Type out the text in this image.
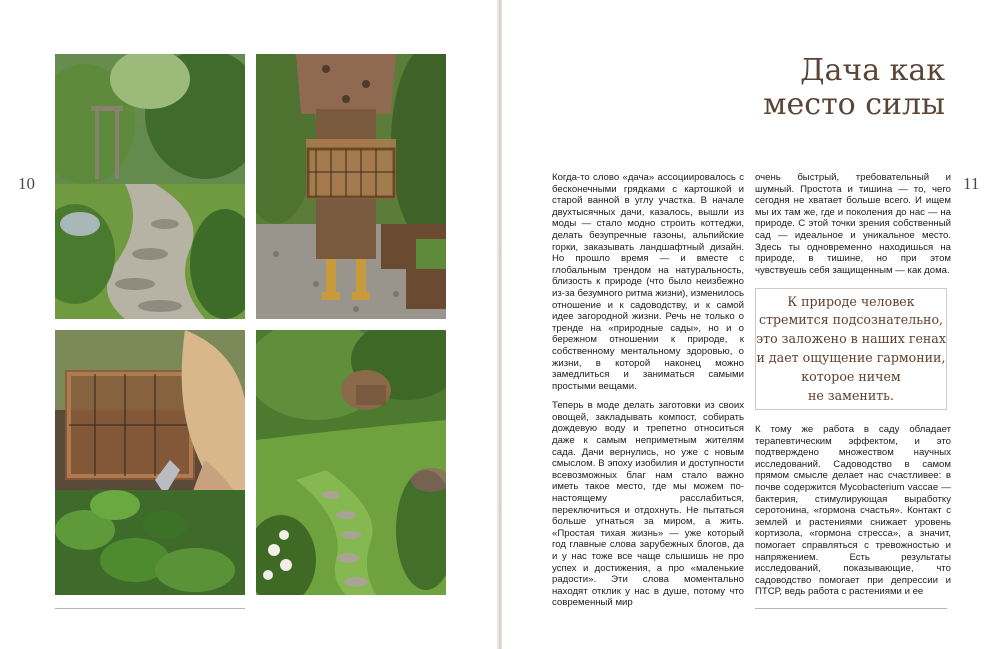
10	11
Дача как
место силы

Когда-то слово «дача» ассоциировалось с бесконечными грядками с картошкой и старой ванной в углу участка. В начале двухтысячных дачи, казалось, вышли из моды — стало модно строить коттеджи, делать безупречные газоны, альпийские горки, заказывать ландшафтный дизайн. Но прошло время — и вместе с глобальным трендом на натуральность, близость к природе (что было неизбежно из-за безумного ритма жизни), изменилось отношение и к садоводству, и к самой идее загородной жизни. Речь не только о тренде на «природные сады», но и о бережном отношении к природе, к собственному ментальному здоровью, о жизни, в которой наконец можно замедлиться и заниматься самыми простыми вещами.

Теперь в моде делать заготовки из своих овощей, закладывать компост, собирать дождевую воду и трепетно относиться даже к самым неприметным жителям сада. Дачи вернулись, но уже с новым смыслом. В эпоху изобилия и доступности всевозможных благ нам стало важно иметь такое место, где мы можем по-настоящему расслабиться, переключиться и отдохнуть. Не пытаться больше угнаться за миром, а жить. «Простая тихая жизнь» — уже который год главные слова зарубежных блогов, да и у нас тоже все чаще слышишь не про успех и достижения, а про «маленькие радости». Эти слова моментально находят отклик у нас в душе, потому что современный мир

очень быстрый, требовательный и шумный. Простота и тишина — то, чего сегодня не хватает больше всего. И ищем мы их там же, где и поколения до нас — на природе. С этой точки зрения собственный сад — идеальное и уникальное место. Здесь ты одновременно находишься на природе, в тишине, но при этом чувствуешь себя защищенным — как дома.

К природе человек
стремится подсознательно,
это заложено в наших генах
и дает ощущение гармонии,
которое ничем
не заменить.

К тому же работа в саду обладает терапевтическим эффектом, и это подтверждено множеством научных исследований. Садоводство в самом прямом смысле делает нас счастливее: в почве содержится Mycobacterium vaccae — бактерия, стимулирующая выработку серотонина, «гормона счастья». Контакт с землей и растениями снижает уровень кортизола, «гормона стресса», а значит, помогает справляться с тревожностью и напряжением. Есть результаты исследований, показывающие, что садоводство помогает при депрессии и ПТСР, ведь работа с растениями и ее
